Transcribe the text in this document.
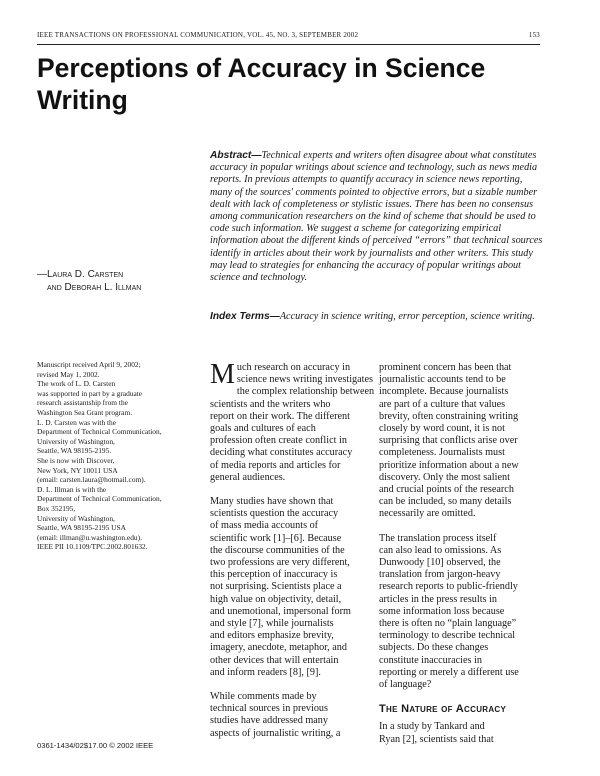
IEEE TRANSACTIONS ON PROFESSIONAL COMMUNICATION, VOL. 45, NO. 3, SEPTEMBER 2002	153
Perceptions of Accuracy in Science Writing
Abstract—Technical experts and writers often disagree about what constitutes accuracy in popular writings about science and technology, such as news media reports. In previous attempts to quantify accuracy in science news reporting, many of the sources' comments pointed to objective errors, but a sizable number dealt with lack of completeness or stylistic issues. There has been no consensus among communication researchers on the kind of scheme that should be used to code such information. We suggest a scheme for categorizing empirical information about the different kinds of perceived “errors” that technical sources identify in articles about their work by journalists and other writers. This study may lead to strategies for enhancing the accuracy of popular writings about science and technology.
—Laura D. Carsten
and Deborah L. Illman
Index Terms—Accuracy in science writing, error perception, science writing.
Manuscript received April 9, 2002;
revised May 1, 2002.
The work of L. D. Carsten
was supported in part by a graduate
research assistantship from the
Washington Sea Grant program.
L. D. Carsten was with the
Department of Technical Communication,
University of Washington,
Seattle, WA 98195-2195.
She is now with Discover,
New York, NY 10011 USA
(email: carsten.laura@hotmail.com).
D. L. Illman is with the
Department of Technical Communication,
Box 352195,
University of Washington,
Seattle, WA 98195-2195 USA
(email: illman@u.washington.edu).
IEEE PII 10.1109/TPC.2002.801632.

M uch research on accuracy in
science news writing investigates
the complex relationship between
scientists and the writers who
report on their work. The different
goals and cultures of each
profession often create conflict in
deciding what constitutes accuracy
of media reports and articles for
general audiences.

Many studies have shown that
scientists question the accuracy
of mass media accounts of
scientific work [1]–[6]. Because
the discourse communities of the
two professions are very different,
this perception of inaccuracy is
not surprising. Scientists place a
high value on objectivity, detail,
and unemotional, impersonal form
and style [7], while journalists
and editors emphasize brevity,
imagery, anecdote, metaphor, and
other devices that will entertain
and inform readers [8], [9].

While comments made by
technical sources in previous
studies have addressed many
aspects of journalistic writing, a

prominent concern has been that
journalistic accounts tend to be
incomplete. Because journalists
are part of a culture that values
brevity, often constraining writing
closely by word count, it is not
surprising that conflicts arise over
completeness. Journalists must
prioritize information about a new
discovery. Only the most salient
and crucial points of the research
can be included, so many details
necessarily are omitted.

The translation process itself
can also lead to omissions. As
Dunwoody [10] observed, the
translation from jargon-heavy
research reports to public-friendly
articles in the press results in
some information loss because
there is often no “plain language”
terminology to describe technical
subjects. Do these changes
constitute inaccuracies in
reporting or merely a different use
of language?

The Nature of Accuracy

In a study by Tankard and
Ryan [2], scientists said that

0361-1434/02$17.00 © 2002 IEEE
